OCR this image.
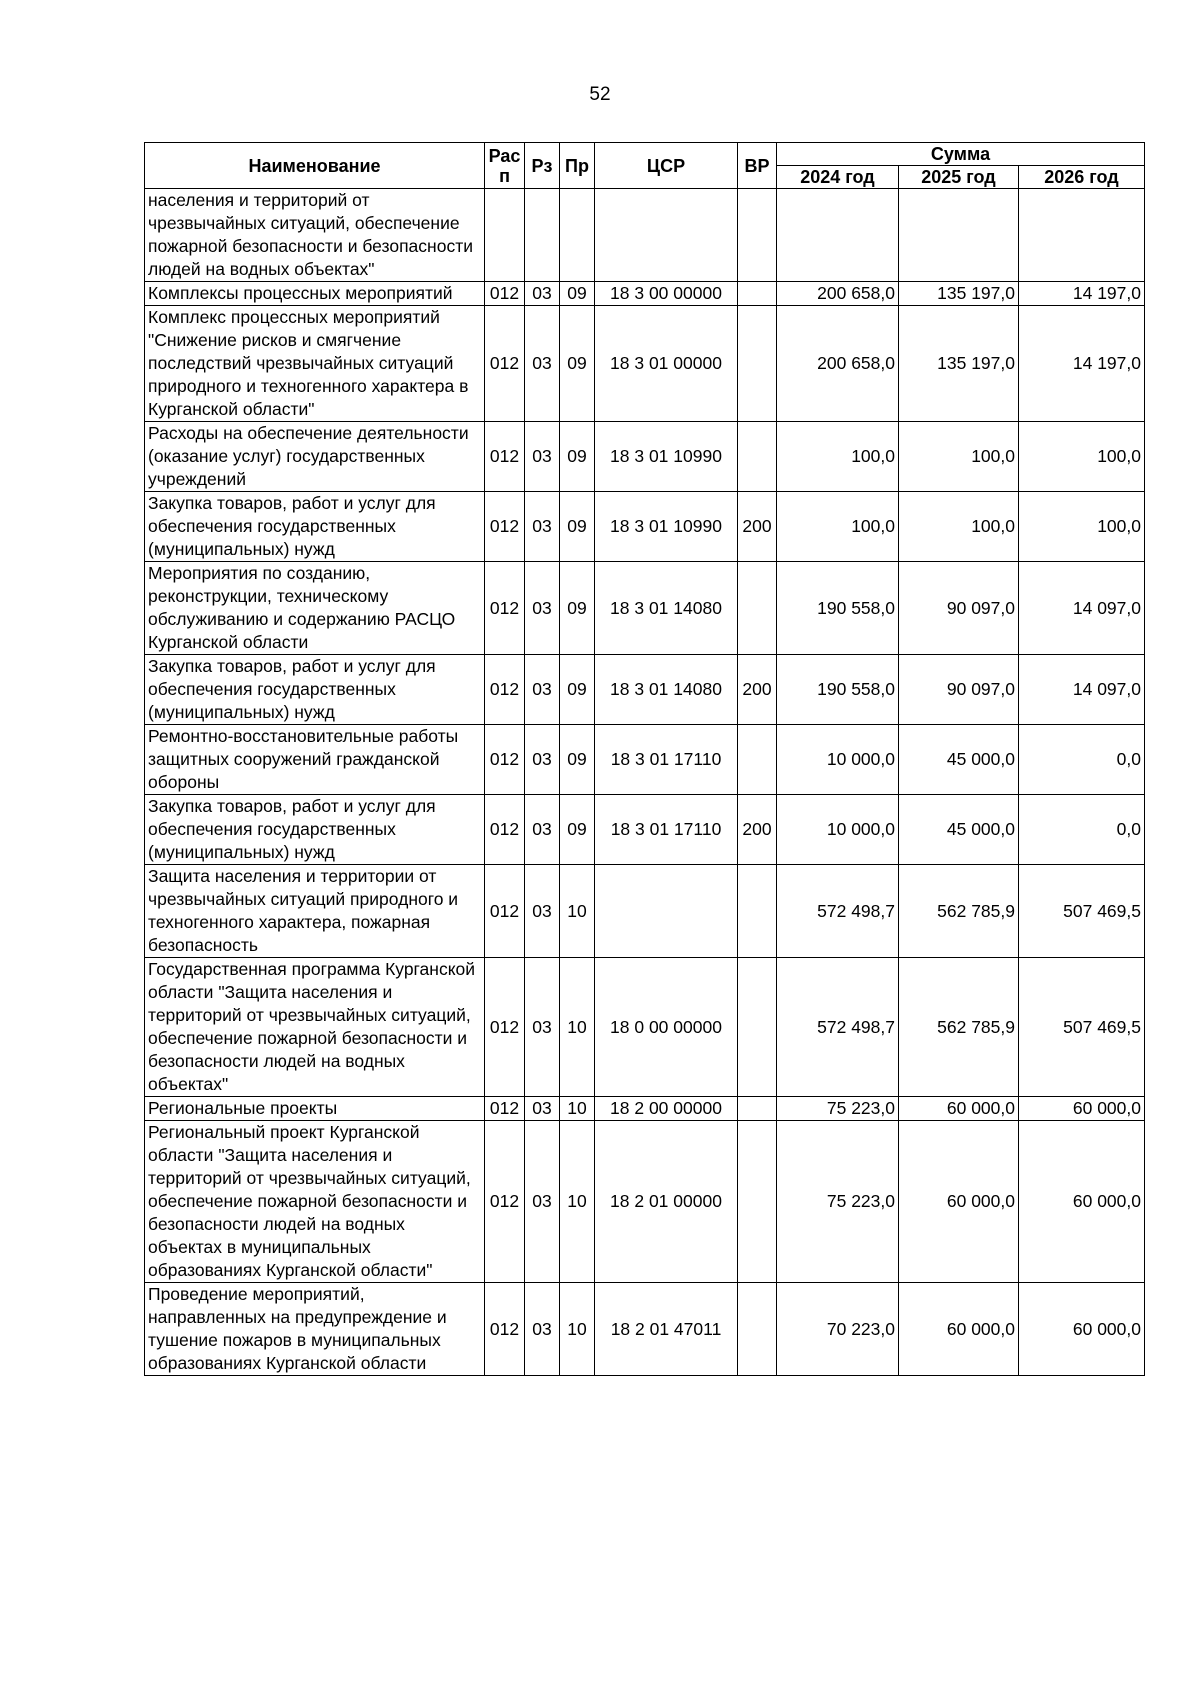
52
Наименование	Рас п	Рз	Пр	ЦСР	ВР	Сумма		
						2024 год	2025 год	2026 год
населения и территорий от чрезвычайных ситуаций, обеспечение пожарной безопасности и безопасности людей на водных объектах"								
Комплексы процессных мероприятий	012	03	09	18 3 00 00000		200 658,0	135 197,0	14 197,0
Комплекс процессных мероприятий "Снижение рисков и смягчение последствий чрезвычайных ситуаций природного и техногенного характера в Курганской области"	012	03	09	18 3 01 00000		200 658,0	135 197,0	14 197,0
Расходы на обеспечение деятельности (оказание услуг) государственных учреждений	012	03	09	18 3 01 10990		100,0	100,0	100,0
Закупка товаров, работ и услуг для обеспечения государственных (муниципальных) нужд	012	03	09	18 3 01 10990	200	100,0	100,0	100,0
Мероприятия по созданию, реконструкции, техническому обслуживанию и содержанию РАСЦО Курганской области	012	03	09	18 3 01 14080		190 558,0	90 097,0	14 097,0
Закупка товаров, работ и услуг для обеспечения государственных (муниципальных) нужд	012	03	09	18 3 01 14080	200	190 558,0	90 097,0	14 097,0
Ремонтно-восстановительные работы защитных сооружений гражданской обороны	012	03	09	18 3 01 17110		10 000,0	45 000,0	0,0
Закупка товаров, работ и услуг для обеспечения государственных (муниципальных) нужд	012	03	09	18 3 01 17110	200	10 000,0	45 000,0	0,0
Защита населения и территории от чрезвычайных ситуаций природного и техногенного характера, пожарная безопасность	012	03	10			572 498,7	562 785,9	507 469,5
Государственная программа Курганской области "Защита населения и территорий от чрезвычайных ситуаций, обеспечение пожарной безопасности и безопасности людей на водных объектах"	012	03	10	18 0 00 00000		572 498,7	562 785,9	507 469,5
Региональные проекты	012	03	10	18 2 00 00000		75 223,0	60 000,0	60 000,0
Региональный проект Курганской области "Защита населения и территорий от чрезвычайных ситуаций, обеспечение пожарной безопасности и безопасности людей на водных объектах в муниципальных образованиях Курганской области"	012	03	10	18 2 01 00000		75 223,0	60 000,0	60 000,0
Проведение мероприятий, направленных на предупреждение и тушение пожаров в муниципальных образованиях Курганской области	012	03	10	18 2 01 47011		70 223,0	60 000,0	60 000,0
